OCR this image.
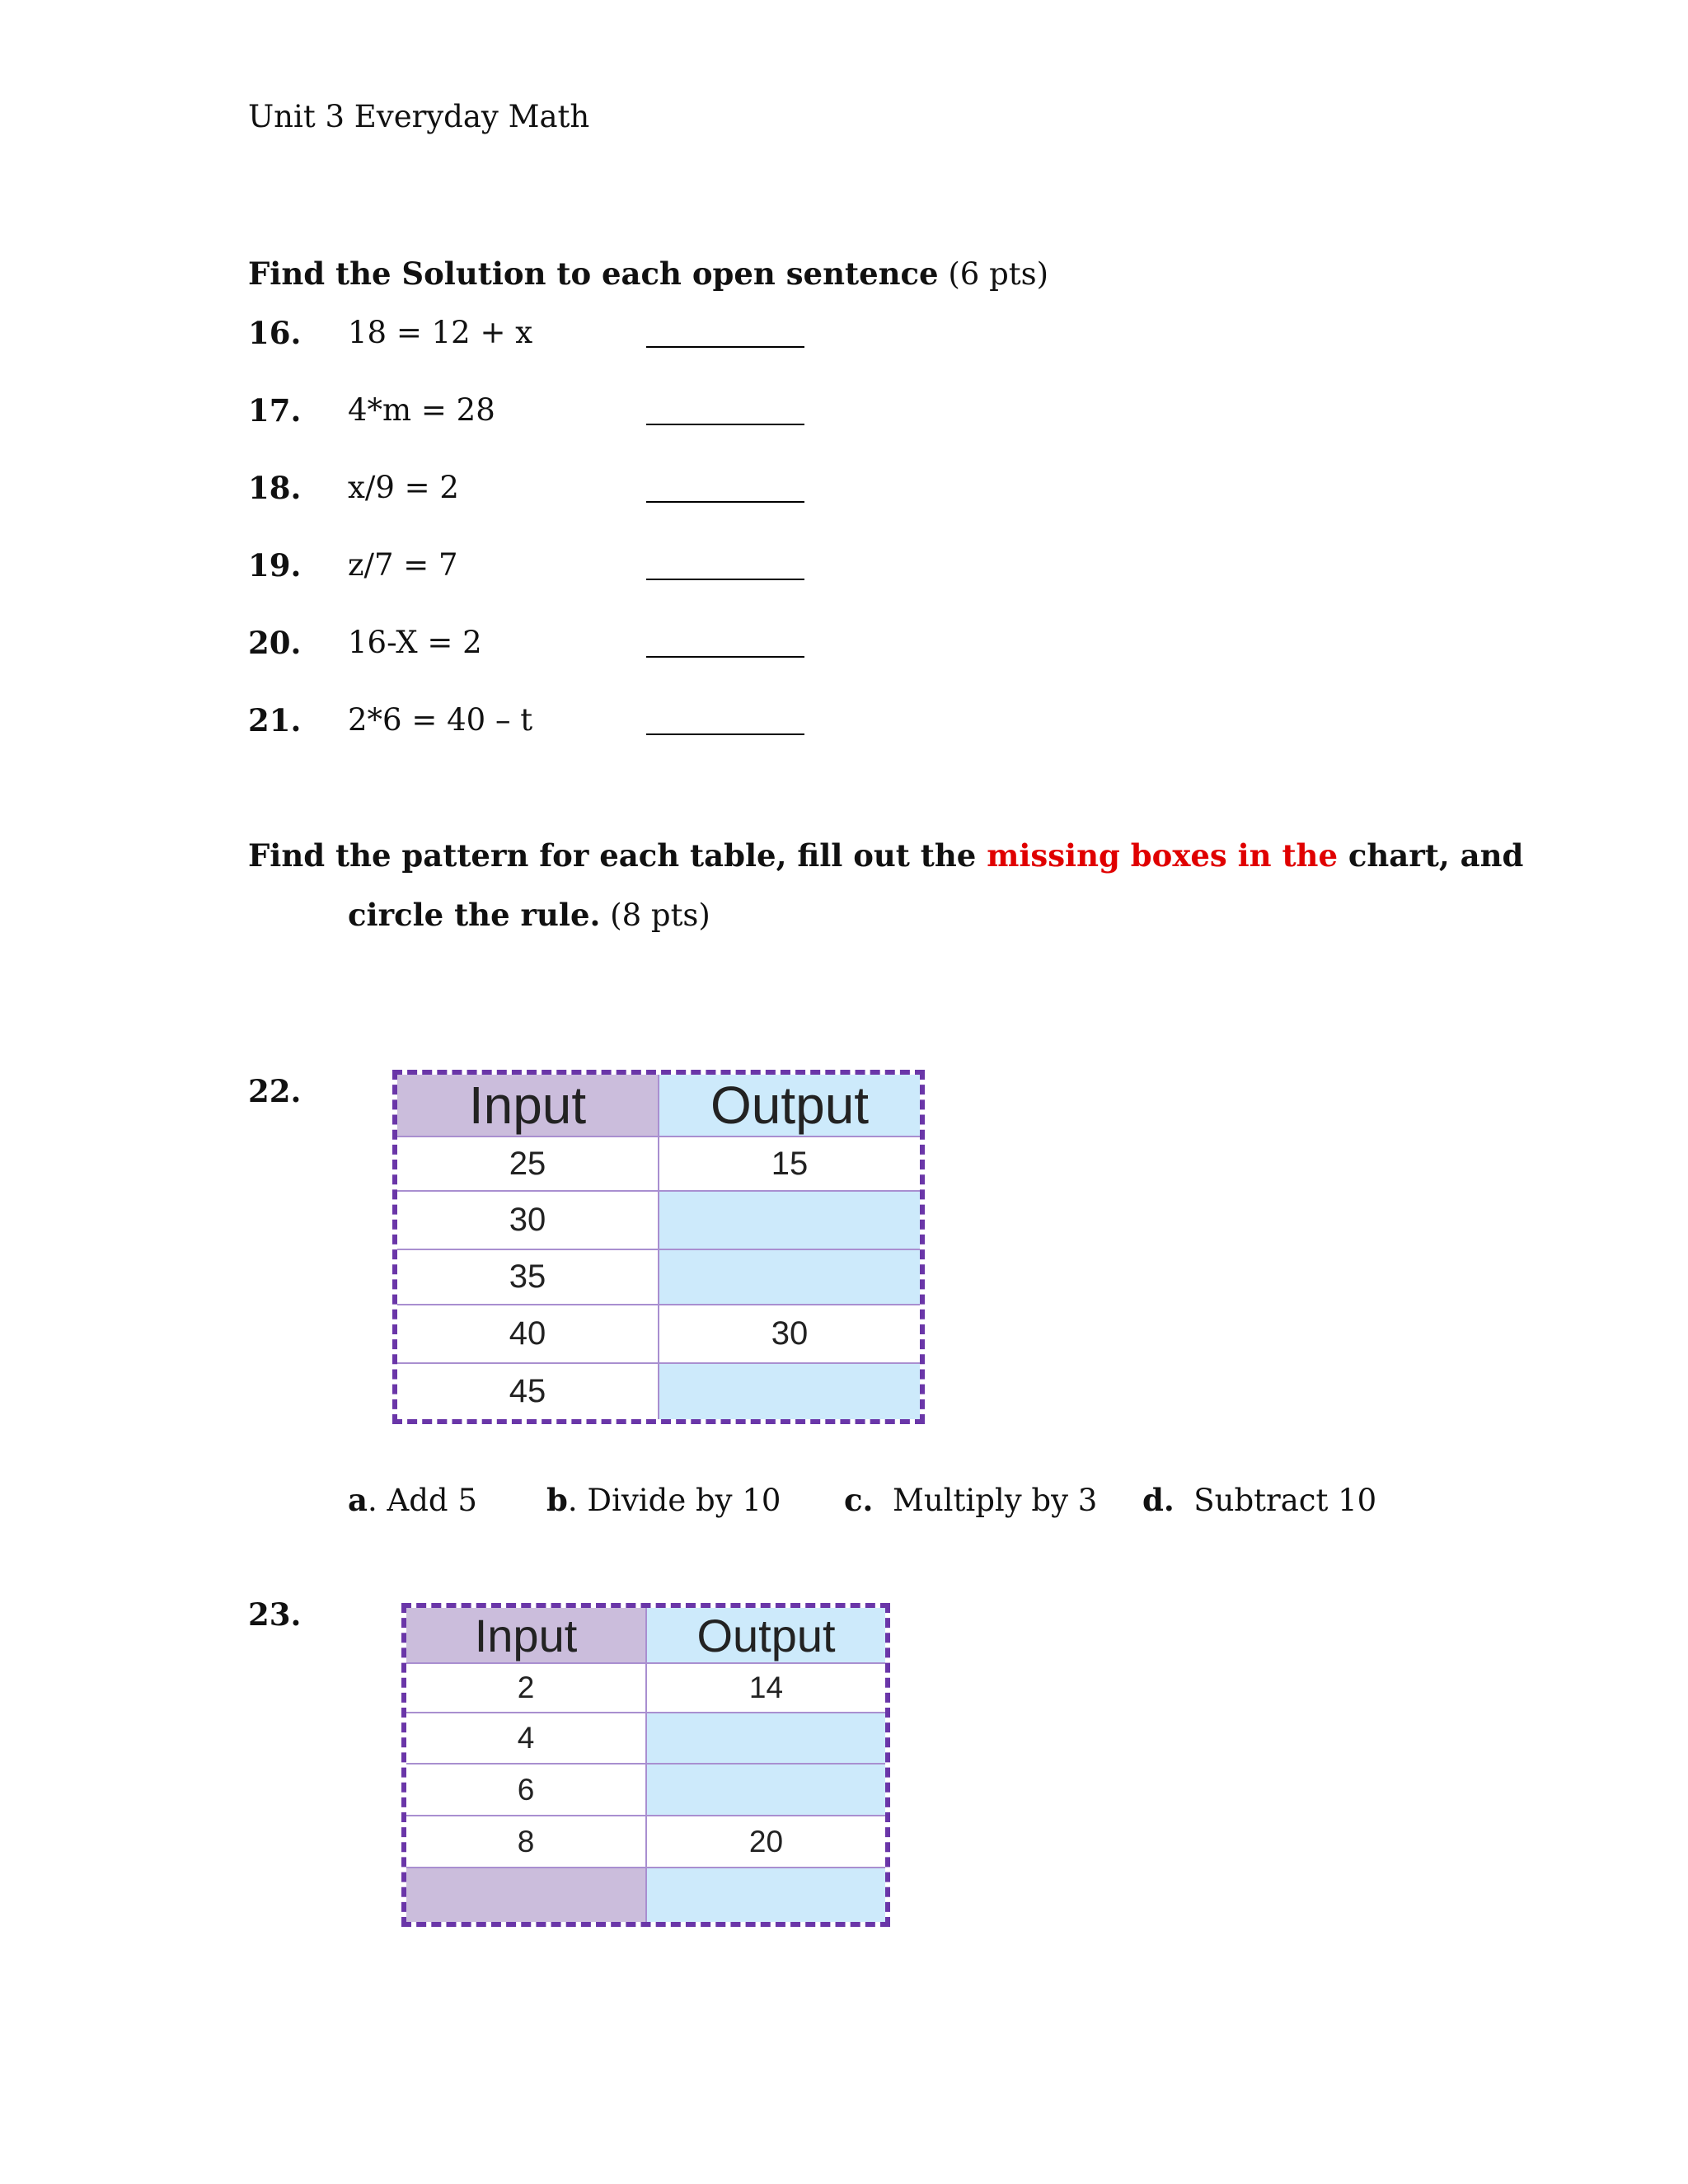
Unit 3 Everyday Math
Find the Solution to each open sentence (6 pts)
16. 18 = 12 + x
17. 4*m = 28
18. x/9 = 2
19. z/7 = 7
20. 16-X = 2
21. 2*6 = 40 – t
Find the pattern for each table, fill out the missing boxes in the chart, and
circle the rule. (8 pts)
22.	Input	Output
25	15
30
35
40	30
45
a. Add 5 b. Divide by 10 c.  Multiply by 3 d.  Subtract 10
23.	Input	Output
2	14
4
6
8	20
